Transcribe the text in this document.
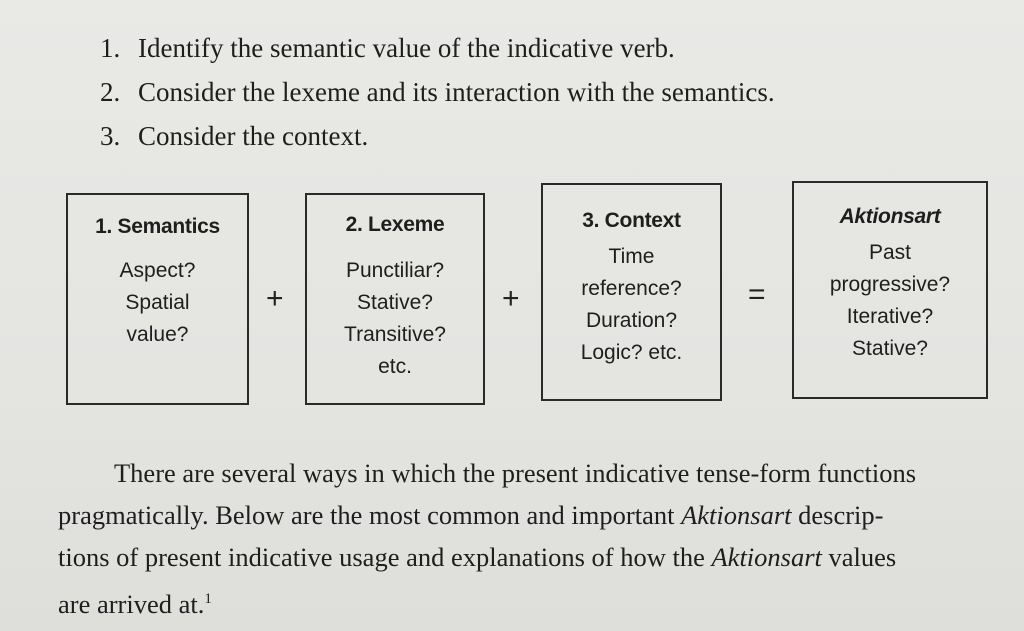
1. Identify the semantic value of the indicative verb.
2. Consider the lexeme and its interaction with the semantics.
3. Consider the context.
1. Semantics
Aspect?
Spatial
value?
+
2. Lexeme
Punctiliar?
Stative?
Transitive?
etc.
+
3. Context
Time
reference?
Duration?
Logic? etc.
=
Aktionsart
Past
progressive?
Iterative?
Stative?

There are several ways in which the present indicative tense-form functions
pragmatically. Below are the most common and important Aktionsart descrip-
tions of present indicative usage and explanations of how the Aktionsart values
are arrived at.$^1$
